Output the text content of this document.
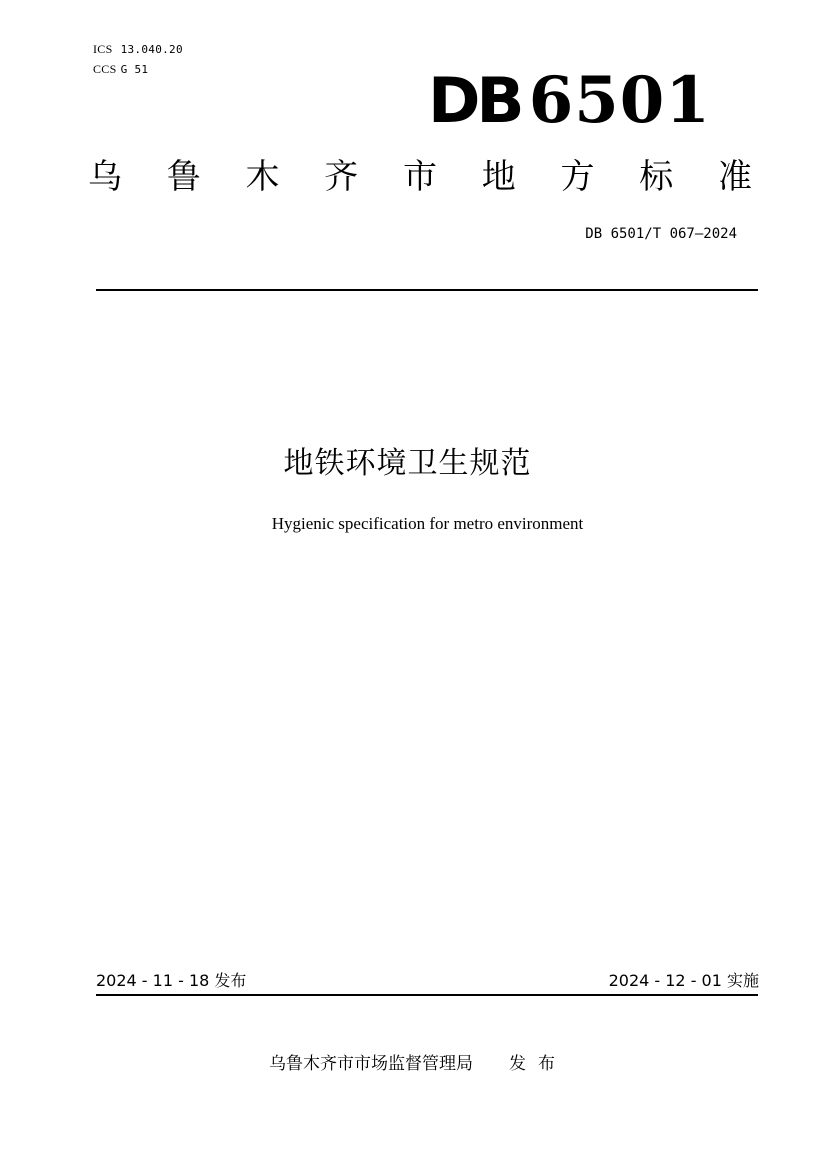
ICS 13.040.20
CCS G 51	DB 6501
乌 鲁 木 齐 市 地 方 标 准
DB 6501/T 067—2024
地铁环境卫生规范
Hygienic specification for metro environment
2024 - 11 - 18 发布	2024 - 12 - 01 实施
乌鲁木齐市市场监督管理局 发布
